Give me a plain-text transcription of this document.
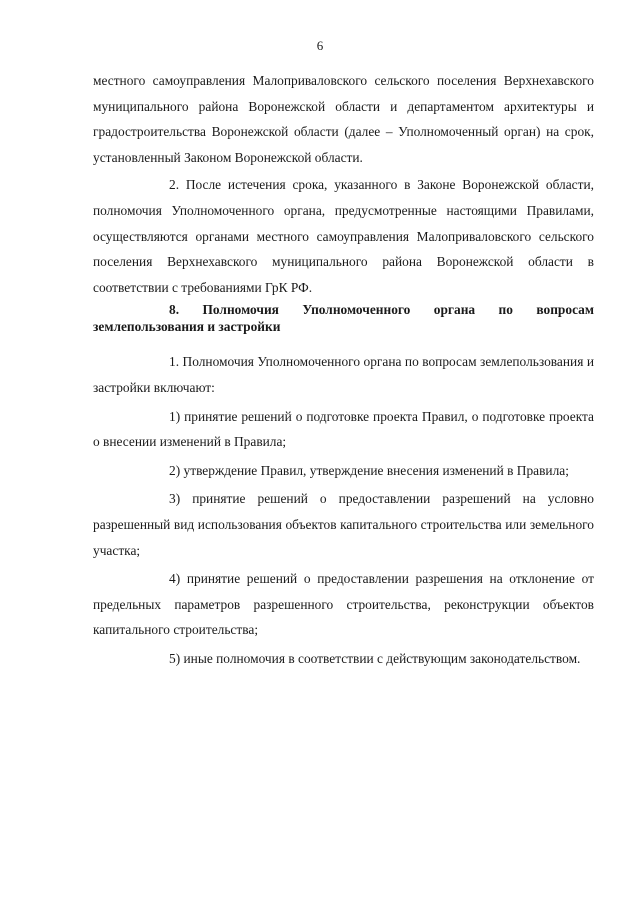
6

местного самоуправления Малоприваловского сельского поселения Верхнехавского муниципального района Воронежской области и департаментом архитектуры и градостроительства Воронежской области (далее – Уполномоченный орган) на срок, установленный Законом Воронежской области.

2. После истечения срока, указанного в Законе Воронежской области, полномочия Уполномоченного органа, предусмотренные настоящими Правилами, осуществляются органами местного самоуправления Малоприваловского сельского поселения Верхнехавского муниципального района Воронежской области в соответствии с требованиями ГрК РФ.

8. Полномочия Уполномоченного органа по вопросам землепользования и застройки

1. Полномочия Уполномоченного органа по вопросам землепользования и застройки включают:

1) принятие решений о подготовке проекта Правил, о подготовке проекта о внесении изменений в Правила;

2) утверждение Правил, утверждение внесения изменений в Правила;

3) принятие решений о предоставлении разрешений на условно разрешенный вид использования объектов капитального строительства или земельного участка;

4) принятие решений о предоставлении разрешения на отклонение от предельных параметров разрешенного строительства, реконструкции объектов капитального строительства;

5) иные полномочия в соответствии с действующим законодательством.
